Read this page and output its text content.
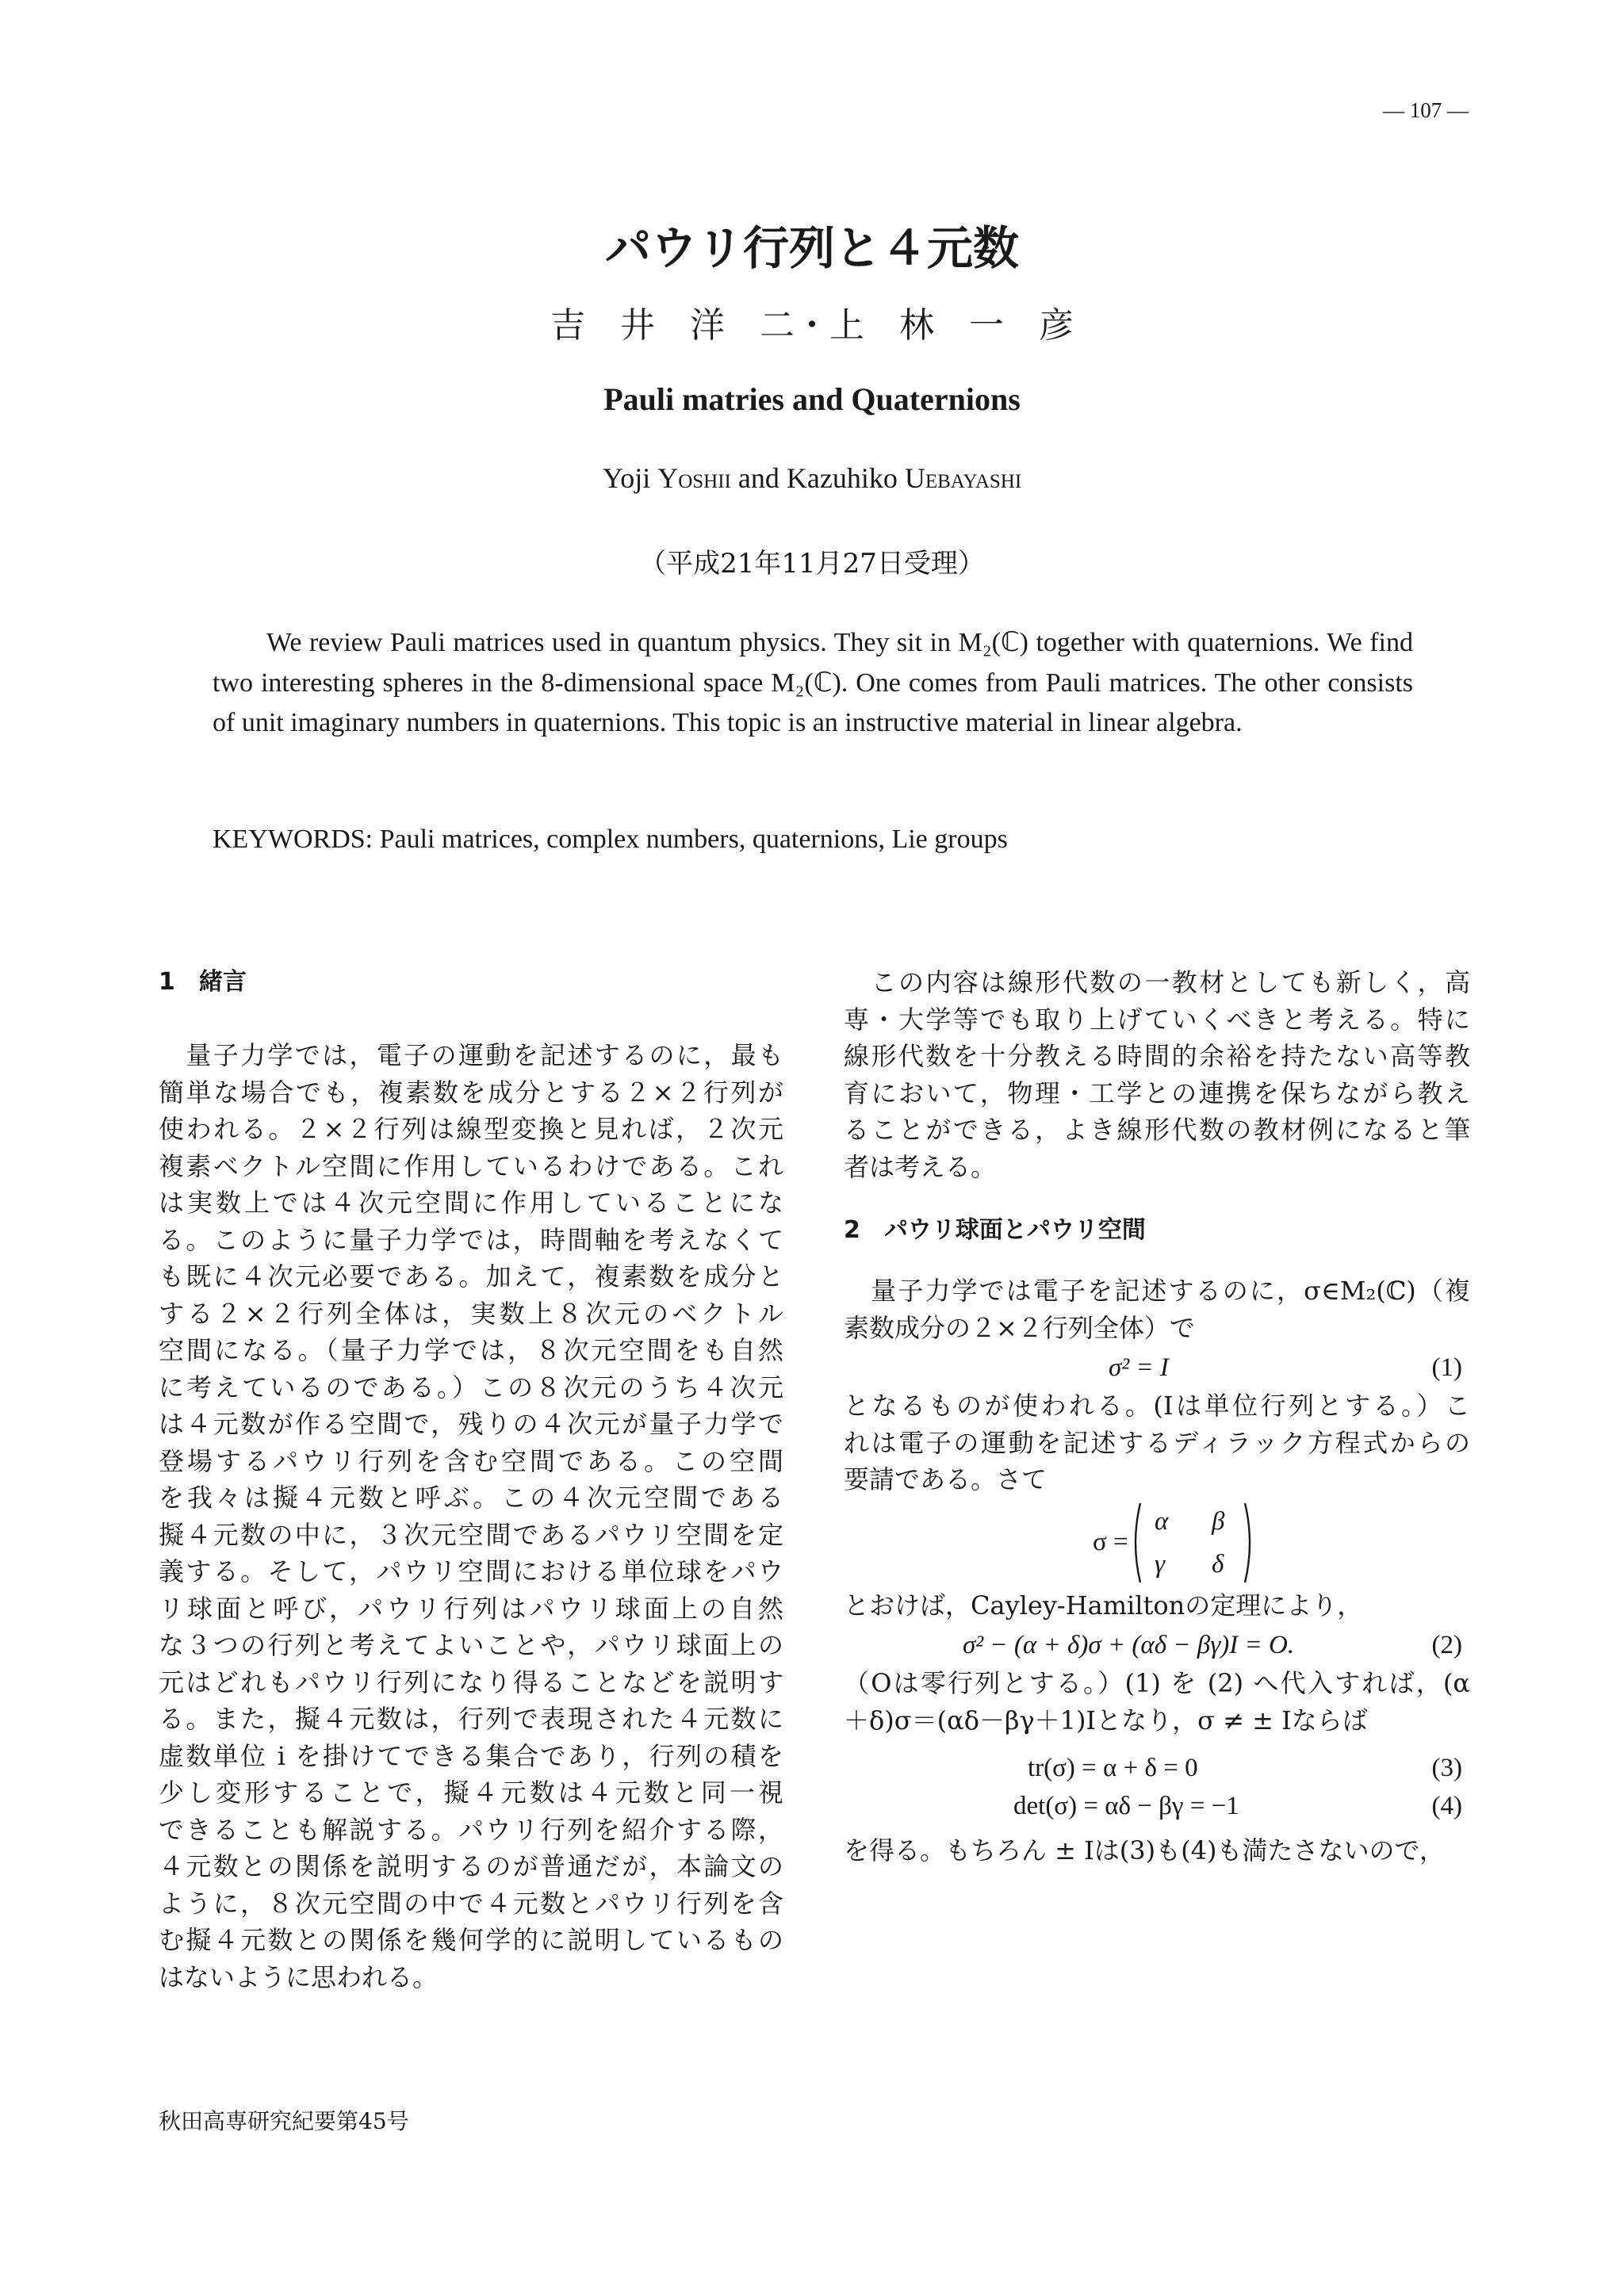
— 107 —
パウリ行列と４元数
吉 井 洋 二・上 林 一 彦
Pauli matries and Quaternions
Yoji Yoshii and Kazuhiko Uebayashi
（平成21年11月27日受理）

We review Pauli matrices used in quantum physics. They sit in M₂(ℂ) together with quaternions. We find two interesting spheres in the 8-dimensional space M₂(ℂ). One comes from Pauli matrices. The other consists of unit imaginary numbers in quaternions. This topic is an instructive material in linear algebra.

KEYWORDS: Pauli matrices, complex numbers, quaternions, Lie groups

1　緒言

　量子力学では，電子の運動を記述するのに，最も
簡単な場合でも，複素数を成分とする２×２行列が
使われる。２×２行列は線型変換と見れば，２次元
複素ベクトル空間に作用しているわけである。これ
は実数上では４次元空間に作用していることにな
る。このように量子力学では，時間軸を考えなくて
も既に４次元必要である。加えて，複素数を成分と
する２×２行列全体は，実数上８次元のベクトル
空間になる。（量子力学では，８次元空間をも自然
に考えているのである。）この８次元のうち４次元
は４元数が作る空間で，残りの４次元が量子力学で
登場するパウリ行列を含む空間である。この空間
を我々は擬４元数と呼ぶ。この４次元空間である
擬４元数の中に，３次元空間であるパウリ空間を定
義する。そして，パウリ空間における単位球をパウ
リ球面と呼び，パウリ行列はパウリ球面上の自然
な３つの行列と考えてよいことや，パウリ球面上の
元はどれもパウリ行列になり得ることなどを説明す
る。また，擬４元数は，行列で表現された４元数に
虚数単位 i を掛けてできる集合であり，行列の積を
少し変形することで，擬４元数は４元数と同一視
できることも解説する。パウリ行列を紹介する際，
４元数との関係を説明するのが普通だが，本論文の
ように，８次元空間の中で４元数とパウリ行列を含
む擬４元数との関係を幾何学的に説明しているもの
はないように思われる。

　この内容は線形代数の一教材としても新しく，高
専・大学等でも取り上げていくべきと考える。特に
線形代数を十分教える時間的余裕を持たない高等教
育において，物理・工学との連携を保ちながら教え
ることができる，よき線形代数の教材例になると筆
者は考える。

2　パウリ球面とパウリ空間

　量子力学では電子を記述するのに，σ∈M₂(ℂ)（複
素数成分の２×２行列全体）で

σ² = I	(1)

となるものが使われる。(Iは単位行列とする。）こ
れは電子の運動を記述するディラック方程式からの
要請である。さて

σ =
α β
γ δ

とおけば，Cayley-Hamiltonの定理により，

σ² − (α + δ)σ + (αδ − βγ)I = O.	(2)

（Oは零行列とする。）(1) を (2) へ代入すれば，(α
＋δ)σ＝(αδ－βγ＋1)Iとなり，σ ≠ ± Iならば

tr(σ) = α + δ = 0	(3)
det(σ) = αδ − βγ = −1	(4)

を得る。もちろん ± Iは(3)も(4)も満たさないので，

秋田高専研究紀要第45号
